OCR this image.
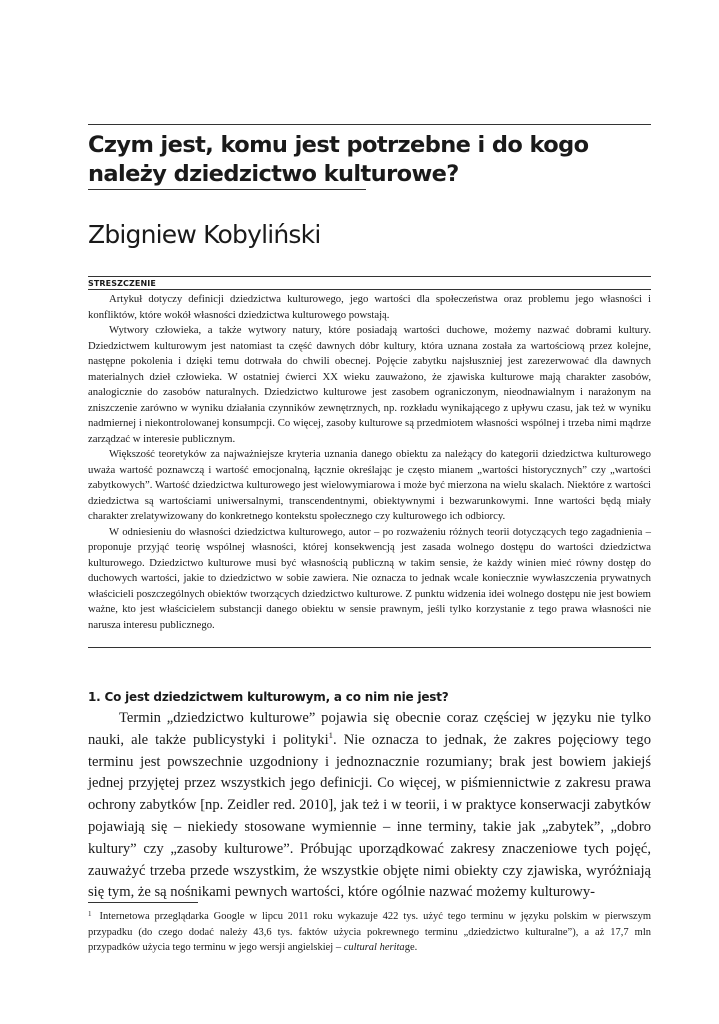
Czym jest, komu jest potrzebne i do kogo należy dziedzictwo kulturowe?
Zbigniew Kobyliński
STRESZCZENIE

Artykuł dotyczy definicji dziedzictwa kulturowego, jego wartości dla społeczeństwa oraz problemu jego własności i konfliktów, które wokół własności dziedzictwa kulturowego powstają.

Wytwory człowieka, a także wytwory natury, które posiadają wartości duchowe, możemy nazwać dobrami kultury. Dziedzictwem kulturowym jest natomiast ta część dawnych dóbr kultury, która uznana została za wartościową przez kolejne, następne pokolenia i dzięki temu dotrwała do chwili obecnej. Pojęcie zabytku najsłuszniej jest zarezerwować dla dawnych materialnych dzieł człowieka. W ostatniej ćwierci XX wieku zauważono, że zjawiska kulturowe mają charakter zasobów, analogicznie do zasobów naturalnych. Dziedzictwo kulturowe jest zasobem ograniczonym, nieodnawialnym i narażonym na zniszczenie zarówno w wyniku działania czynników zewnętrznych, np. rozkładu wynikającego z upływu czasu, jak też w wyniku nadmiernej i niekontrolowanej konsumpcji. Co więcej, zasoby kulturowe są przedmiotem własności wspólnej i trzeba nimi mądrze zarządzać w interesie publicznym.

Większość teoretyków za najważniejsze kryteria uznania danego obiektu za należący do kategorii dziedzictwa kulturowego uważa wartość poznawczą i wartość emocjonalną, łącznie określając je często mianem „wartości historycznych” czy „wartości zabytkowych”. Wartość dziedzictwa kulturowego jest wielowymiarowa i może być mierzona na wielu skalach. Niektóre z wartości dziedzictwa są wartościami uniwersalnymi, transcendentnymi, obiektywnymi i bezwarunkowymi. Inne wartości będą miały charakter zrelatywizowany do konkretnego kontekstu społecznego czy kulturowego ich odbiorcy.

W odniesieniu do własności dziedzictwa kulturowego, autor – po rozważeniu różnych teorii dotyczących tego zagadnienia – proponuje przyjąć teorię wspólnej własności, której konsekwencją jest zasada wolnego dostępu do wartości dziedzictwa kulturowego. Dziedzictwo kulturowe musi być własnością publiczną w takim sensie, że każdy winien mieć równy dostęp do duchowych wartości, jakie to dziedzictwo w sobie zawiera. Nie oznacza to jednak wcale koniecznie wywłaszczenia prywatnych właścicieli poszczególnych obiektów tworzących dziedzictwo kulturowe. Z punktu widzenia idei wolnego dostępu nie jest bowiem ważne, kto jest właścicielem substancji danego obiektu w sensie prawnym, jeśli tylko korzystanie z tego prawa własności nie narusza interesu publicznego.

1. Co jest dziedzictwem kulturowym, a co nim nie jest?

Termin „dziedzictwo kulturowe” pojawia się obecnie coraz częściej w języku nie tylko nauki, ale także publicystyki i polityki$^1$. Nie oznacza to jednak, że zakres pojęciowy tego terminu jest powszechnie uzgodniony i jednoznacznie rozumiany; brak jest bowiem jakiejś jednej przyjętej przez wszystkich jego definicji. Co więcej, w piśmiennictwie z zakresu prawa ochrony zabytków [np. Zeidler red. 2010], jak też i w teorii, i w praktyce konserwacji zabytków pojawiają się – niekiedy stosowane wymiennie – inne terminy, takie jak „zabytek”, „dobro kultury” czy „zasoby kulturowe”. Próbując uporządkować zakresy znaczeniowe tych pojęć, zauważyć trzeba przede wszystkim, że wszystkie objęte nimi obiekty czy zjawiska, wyróżniają się tym, że są nośnikami pewnych wartości, które ogólnie nazwać możemy kulturowy-

$^1$ Internetowa przeglądarka Google w lipcu 2011 roku wykazuje 422 tys. użyć tego terminu w języku polskim w pierwszym przypadku (do czego dodać należy 43,6 tys. faktów użycia pokrewnego terminu „dziedzictwo kulturalne”), a aż 17,7 mln przypadków użycia tego terminu w jego wersji angielskiej – cultural heritage.
